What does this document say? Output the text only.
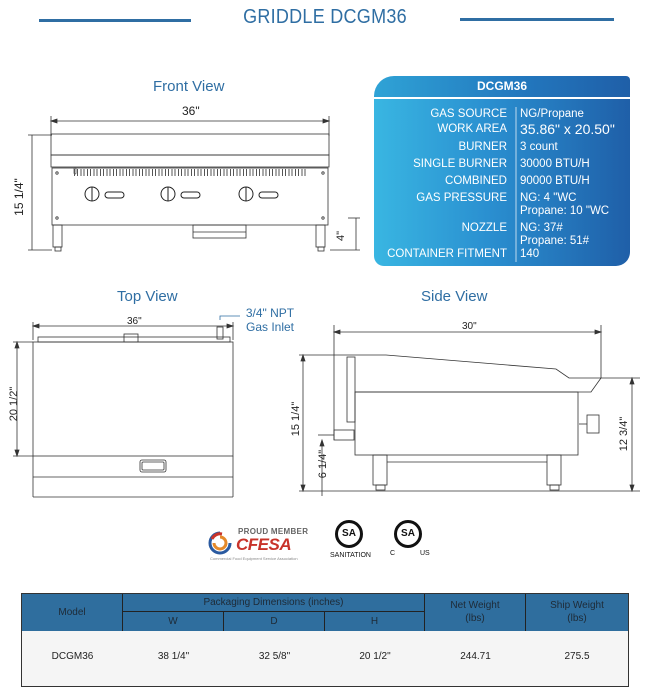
GRIDDLE DCGM36
Front View
36"
15 1/4"
4"
DCGM36
GAS SOURCE NG/Propane
WORK AREA 35.86" x 20.50"
BURNER 3 count
SINGLE BURNER 30000 BTU/H
COMBINED 90000 BTU/H
GAS PRESSURE NG: 4 "WC
Propane: 10 "WC
NOZZLE NG: 37#
Propane: 51#
CONTAINER FITMENT 140
Top View
36"
20 1/2"
3/4" NPT
Gas Inlet
Side View
30"
15 1/4"
6 1/4"
12 3/4"
PROUD MEMBER
CFESA
Commercial Food Equipment Service Association
SA
SANITATION
SA
C	US
Model
Packaging Dimensions (inches)
W	D	H
Net Weight
(lbs)
Ship Weight
(lbs)
DCGM36	38 1/4"	32 5/8"	20 1/2"	244.71	275.5
